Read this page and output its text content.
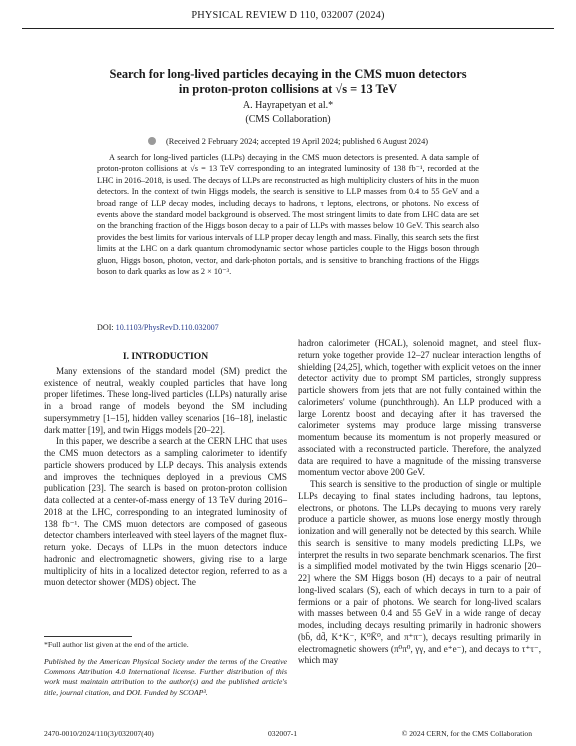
PHYSICAL REVIEW D 110, 032007 (2024)
Search for long-lived particles decaying in the CMS muon detectors
in proton-proton collisions at √s = 13 TeV
A. Hayrapetyan et al.*
(CMS Collaboration)
(Received 2 February 2024; accepted 19 April 2024; published 6 August 2024)
A search for long-lived particles (LLPs) decaying in the CMS muon detectors is presented. A data sample of proton-proton collisions at √s = 13 TeV corresponding to an integrated luminosity of 138 fb⁻¹, recorded at the LHC in 2016–2018, is used. The decays of LLPs are reconstructed as high multiplicity clusters of hits in the muon detectors. In the context of twin Higgs models, the search is sensitive to LLP masses from 0.4 to 55 GeV and a broad range of LLP decay modes, including decays to hadrons, τ leptons, electrons, or photons. No excess of events above the standard model background is observed. The most stringent limits to date from LHC data are set on the branching fraction of the Higgs boson decay to a pair of LLPs with masses below 10 GeV. This search also provides the best limits for various intervals of LLP proper decay length and mass. Finally, this search sets the first limits at the LHC on a dark quantum chromodynamic sector whose particles couple to the Higgs boson through gluon, Higgs boson, photon, vector, and dark-photon portals, and is sensitive to branching fractions of the Higgs boson to dark quarks as low as 2 × 10⁻³.
DOI: 10.1103/PhysRevD.110.032007

I. INTRODUCTION

Many extensions of the standard model (SM) predict the existence of neutral, weakly coupled particles that have long proper lifetimes. These long-lived particles (LLPs) naturally arise in a broad range of models beyond the SM including supersymmetry [1–15], hidden valley scenarios [16–18], inelastic dark matter [19], and twin Higgs models [20–22].

In this paper, we describe a search at the CERN LHC that uses the CMS muon detectors as a sampling calorimeter to identify particle showers produced by LLP decays. This analysis extends and improves the techniques deployed in a previous CMS publication [23]. The search is based on proton-proton collision data collected at a center-of-mass energy of 13 TeV during 2016–2018 at the LHC, corresponding to an integrated luminosity of 138 fb⁻¹. The CMS muon detectors are composed of gaseous detector chambers interleaved with steel layers of the magnet flux-return yoke. Decays of LLPs in the muon detectors induce hadronic and electromagnetic showers, giving rise to a large multiplicity of hits in a localized detector region, referred to as a muon detector shower (MDS) object. The

hadron calorimeter (HCAL), solenoid magnet, and steel flux-return yoke together provide 12–27 nuclear interaction lengths of shielding [24,25], which, together with explicit vetoes on the inner detector activity due to prompt SM particles, strongly suppress particle showers from jets that are not fully contained within the calorimeters' volume (punchthrough). An LLP produced with a large Lorentz boost and decaying after it has traversed the calorimeter systems may produce large missing transverse momentum because its momentum is not properly measured or associated with a reconstructed particle. Therefore, the analyzed data are required to have a magnitude of the missing transverse momentum vector above 200 GeV.

This search is sensitive to the production of single or multiple LLPs decaying to final states including hadrons, tau leptons, electrons, or photons. The LLPs decaying to muons very rarely produce a particle shower, as muons lose energy mostly through ionization and will generally not be detected by this search. While this search is sensitive to many models predicting LLPs, we interpret the results in two separate benchmark scenarios. The first is a simplified model motivated by the twin Higgs scenario [20–22] where the SM Higgs boson (H) decays to a pair of neutral long-lived scalars (S), each of which decays in turn to a pair of fermions or a pair of photons. We search for long-lived scalars with masses between 0.4 and 55 GeV in a wide range of decay modes, including decays resulting primarily in hadronic showers (bb̄, dd̄, K⁺K⁻, K⁰K̄⁰, and π⁺π⁻), decays resulting primarily in electromagnetic showers (π⁰π⁰, γγ, and e⁺e⁻), and decays to τ⁺τ⁻, which may

*Full author list given at the end of the article.
Published by the American Physical Society under the terms of the Creative Commons Attribution 4.0 International license. Further distribution of this work must maintain attribution to the author(s) and the published article's title, journal citation, and DOI. Funded by SCOAP³.
2470-0010/2024/110(3)/032007(40)	032007-1	© 2024 CERN, for the CMS Collaboration
